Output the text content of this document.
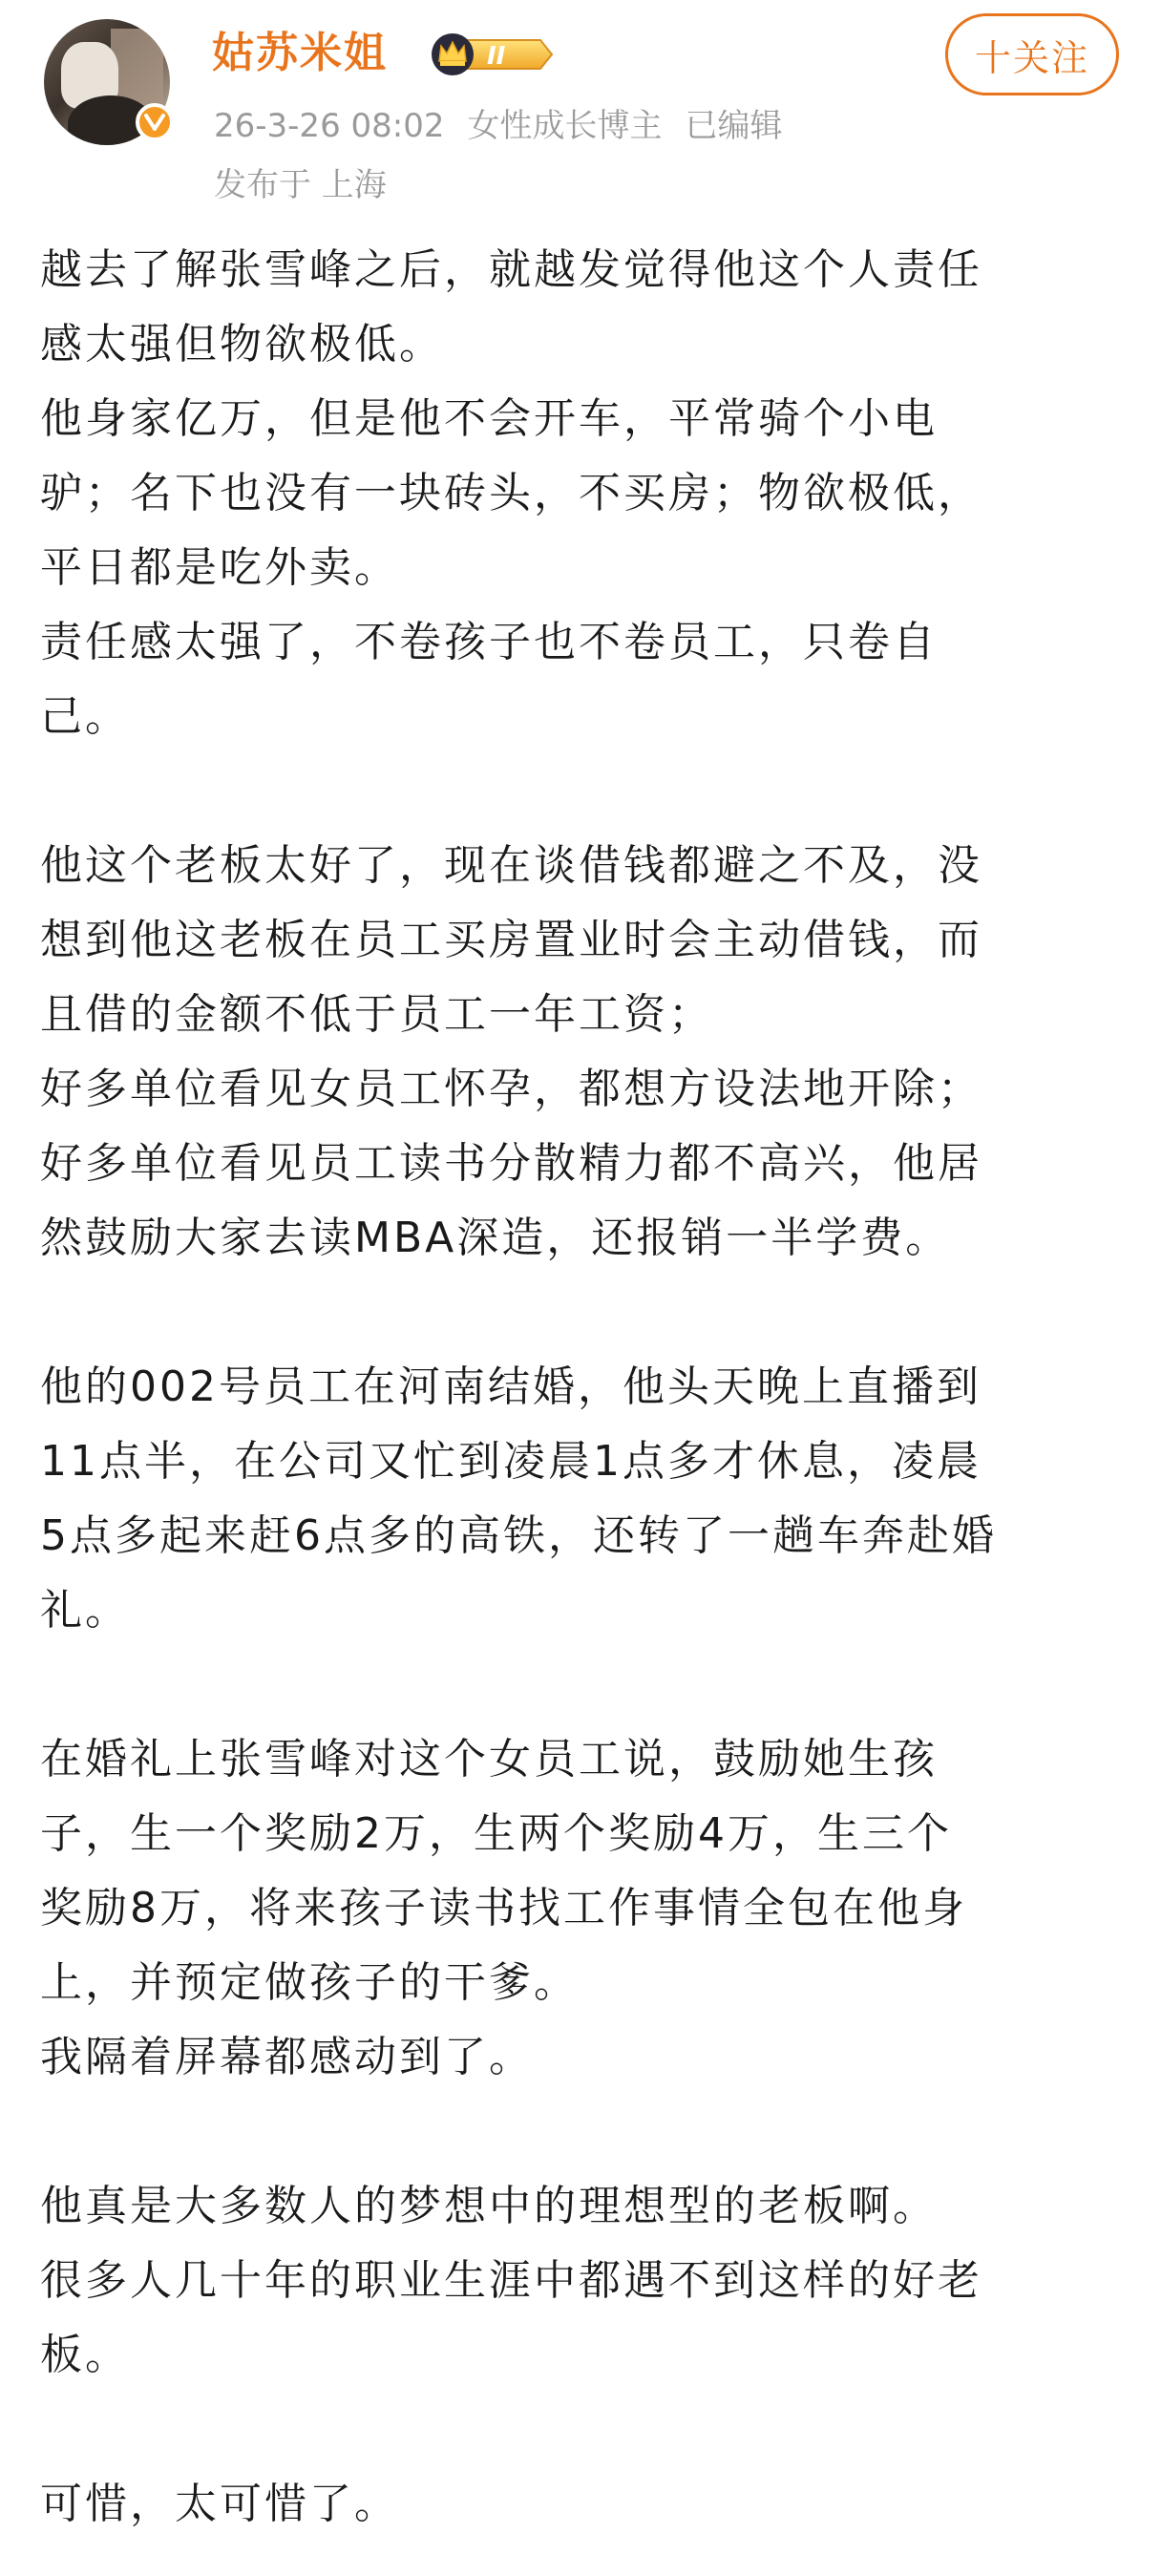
姑苏米姐	II	十关注
26-3-26 08:02 女性成长博主 已编辑
发布于 上海

越去了解张雪峰之后，就越发觉得他这个人责任

感太强但物欲极低。

他身家亿万，但是他不会开车，平常骑个小电

驴；名下也没有一块砖头，不买房；物欲极低，

平日都是吃外卖。

责任感太强了，不卷孩子也不卷员工，只卷自

己。

他这个老板太好了，现在谈借钱都避之不及，没

想到他这老板在员工买房置业时会主动借钱，而

且借的金额不低于员工一年工资；

好多单位看见女员工怀孕，都想方设法地开除；

好多单位看见员工读书分散精力都不高兴，他居

然鼓励大家去读MBA深造，还报销一半学费。

他的002号员工在河南结婚，他头天晚上直播到

11点半，在公司又忙到凌晨1点多才休息，凌晨

5点多起来赶6点多的高铁，还转了一趟车奔赴婚

礼。

在婚礼上张雪峰对这个女员工说，鼓励她生孩

子，生一个奖励2万，生两个奖励4万，生三个

奖励8万，将来孩子读书找工作事情全包在他身

上，并预定做孩子的干爹。

我隔着屏幕都感动到了。

他真是大多数人的梦想中的理想型的老板啊。

很多人几十年的职业生涯中都遇不到这样的好老

板。

可惜，太可惜了。
